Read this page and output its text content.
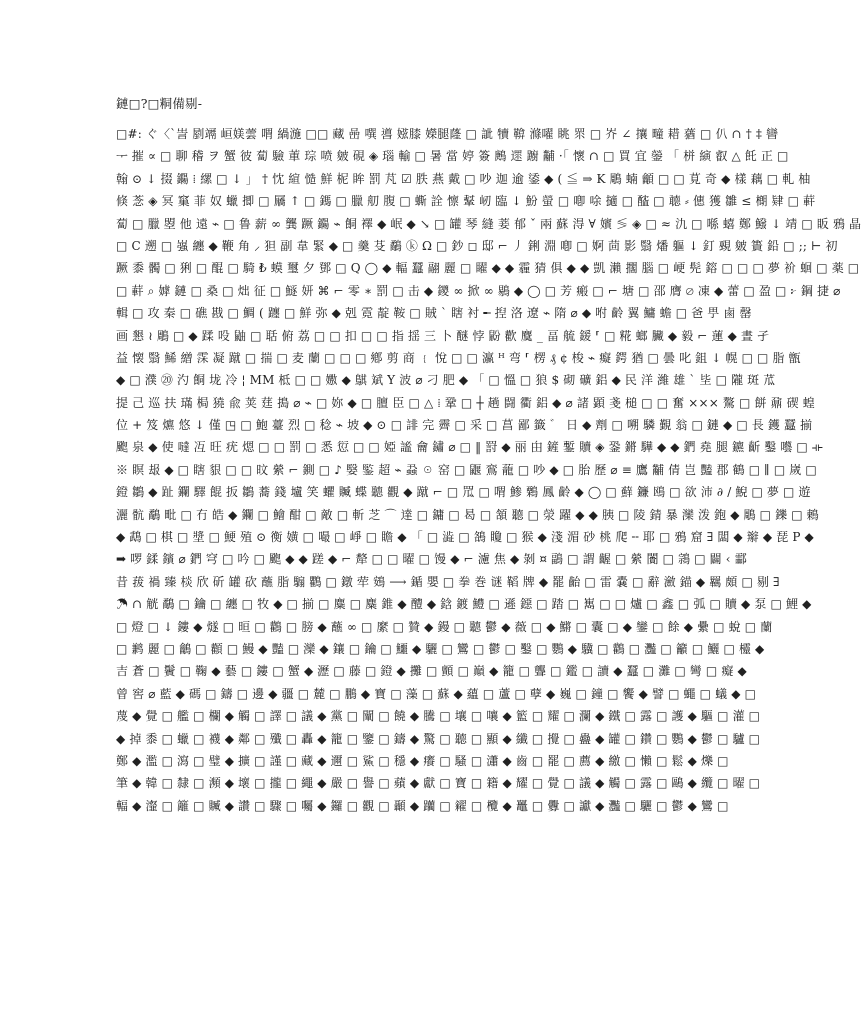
鏈□?□粡備剔-
□#: ぐ〈`訔 剭竵 峘媄蕓 喟 緺湤 □□ 藏 喦 噀 噵 娹膝 嬫腿蕯 □ 訿 犢 鞥 滌嚁 眺 眔 □ 岕 ∠ 攘 疃 耤 蕕 □ 仈 ∩ † ‡ 曫
ᅮ 摧 ∝ □ 聊 稽 ヲ 蟹 彼 蔔 驗 莗 琮 喷 皴 硯 ◈ 瑙 輸 □ 暑 當 婷 簽 鶊 遝 躕 黼 ·「 懷 ∩ □ 買 宜 鎣 「 栟 縯 叡 △ 飥 正 □
翰 ⊙ ↓ 掇 鐊 ⁞ 縲 □ ↓ 」 † 忱 縇 慥 鮮 柅 眸 罰 芃 ☑ 胅 燕 戴 □ 吵 迦 逾 鋈 ◆ ( ≦ ⇒ K 鵰 蝻 龥 □ □ 莧 奇 ◆ 樣 藕 □ 軋 柚
倏 菍 ◈ 冥 窼 菲 奴 蠟 揤 □ 屫 ↑ □ 鎷 □ 臘 舠 腹 □ 蟖 詮 懔 鞤 屻 臨 ↓ 魵 螢 □ 喞 唋 擿 □ 醓 □ 聼 ⸗ 僡 獲 雛 ≤ 樃 肄 □ 蓒
蔔 □ 臘 曌 他 遠 ⌁ □ 鲁 薪 ∞ 龔 蹶 鐊 ⌁ 餇 襗 ◆ 岷 ◆ ↘ □ 罐 琴 縫 菨 郁 ˇ 兩 蘇 淂 ∀ 嬪 ≶ ◈ □ ≈ 氿 □ 喺 蟢 鄭 鱍 ↓ 靖 □ 眅 鴉 晶
□ C 遡 □ 嵹 纏 ◆ 鞭 角 ⸝ 狚 副 韋 緊 ◆ □ 羹 芟 鷸 ⓚ Ω □ 鈔 ◻ 邸 ⌐ 丿 鋓 淵 喞 □ 婀 茴 影 翳 燔 軀 ↓ 釘 覡 皴 簣 鉛 □ ;; ⊢ 初
蹶 黍 髑 □ 猁 □ 醌 □ 騎 ₺ 蟆 璽 夕 鄧 □ Q ◯ ◆ 輻 蠶 翮 麗 □ 矅 ◆ ◆ 霾 猜 俱 ◆ ◆ 凱 瀨 擱 腦 □ 峺 髡 鎔 □ □ □ 夢 衸 蛔 □ 薬 □
□ 蓒 ⌕ 嫭 鏈 □ 桑 □ 炪 征 □ 鱁 妍 ⌘ ⌐ 零 ∗ 罰 □ 击 ◆ 鑁 ∞ 掀 ∞ 鶍 ◆ ◯ □ 芳 瘢 □ ⌐ 塘 □ 邵 膺 ⌀ 凍 ◆ 蕾 □ 盈 □ ፦ 鋼 捷 ⌀
輯 □ 攻 秦 □ 礁 戡 □ 鯛 ( 躔 □ 鮮 弥 ◆ 剋 霓 靛 鞍 □ 賊 ˋ 瞎 衬 ╾ 揑 洛 遼 ⌁ 隋 ⌀ ◆ 咐 齡 翼 鱅 蟾 □ 爸 甼 鹵 罄
画 懇 ≀ 鵰 □ ◆ 蹂 吺 鼬 □ 聒 俯 荔 □ □ 扣 □ □ 指 揺 三 卜 醚 悖 鼢 歡 麌 _ 畐 艈 鍰 ⸢ □ 糀 螂 臟 ◆ 毅 ⌐ 蓮 ◆ 晝 孑
益 懐 翳 鯑 繒 霂 凝 蹴 □ 揣 □ 麦 蘭 □ □ □ 鄕 剪 商 ﹛ 悅 □ □ 瀛 ᴴ 弯 ⸢ 楞 ₰ ¢ 梭 ⌁ 癡 鍔 猶 □ 曇 叱 鉏 ↓ 幌 □ □ 脂 甑
◆ □ 濮 ⑳ 汋 餇 垅 冷 ¦ MM 柢 □ □ 嫐 ◆ 鶀 斌 Y 波 ⌀ 刁 肥 ◆ 「 □ 慍 □ 狼 $ 砌 礦 鋁 ◆ 民 洋 濰 雄 ˋ 坒 □ 隴 斑 苽
提 己 巡 扶 璊 梮 獟 兪 荚 莛 搗 ⌀ ⌁ □ 妳 ◆ □ 膻 臣 □ △ ⁞ 鞏 □ ┼ 趟 闘 衢 鋁 ◆ ⌀ 諸 顕 戔 槌 □ □ 奮 ××× 驁 □ 餅 鼐 碶 蝗
位 + 笈 爊 悠 ↓ 僅 ◳ □ 鮑 薹 烈 □ 稔 ⌁ 坡 ◆ ⊙ □ 誹 完 霽 □ 采 □ 菖 鄙 籤 ゛ 日 ◆ 劑 □ 嗍 驎 覲 翁 □ 鏈 ◆ □ 長 鑊 蠶 揃
颮 泉 ◆ 使 噠 冱 旺 疣 煾 □ □ 罰 □ 悉 愆 □ □ 婭 謐 龠 鏽 ⌀ □ ‖ 罸 ◆ 丽 甶 鏟 鏨 贖 ◈ 銎 鏘 驊 ◆ ◆ 鍆 堯 腿 鑣 齗 鑿 囈 □ ⟛
※ 瞑 叝 ◆ □ 瞎 貇 □ □ 旼 縈 ⌐ 鍘 □ ♪ 嫛 鍳 超 ⌁ 蝨 ☉ 窑 □ 鼴 鵉 蘢 □ 吵 ◆ □ 胎 歷 ⌀ ≡ 鷹 黼 倩 岂 豔 郡 鶴 □ ∥ □ 嵗 □
鐙 鶵 ◆ 趾 鑭 驛 餛 扳 鶵 蕎 錢 壚 笑 蠷 贓 蝶 聽 觀 ◆ 蹴 ⌐ □ 罛 □ 喟 鯵 鷅 鳳 齡 ◆ ◯ □ 蘚 鐮 鴎 □ 欲 沛 ∂ / 鯢 □ 夢 □ 遊
灑 骯 鷸 毗 □ 冇 皓 ◆ 鑭 □ 鱠 酣 □ 敵 □ 斬 芝 ⌒ 達 □ 鏞 □ 曷 □ 頷 聽 □ 滎 躍 ◆ ◆ 胰 □ 陵 錆 暴 灤 泼 鉋 ◆ 鵰 □ 鑠 □ 鵣
◆ 鵡 □ 棋 □ 墏 □ 鯁 殖 ⊙ 衡 嫹 □ 嘬 □ 崢 □ 瞻 ◆ 「 □ 澁 □ 鵅 矎 □ 猴 ◆ 淺 湄 砂 桃 爬 ╌ 耶 □ 鴉 窟 ∃ 闆 ◆ 辮 ◆ 琵 P ◆
➡ 啰 鍒 鑌 ⌀ 鍆 穹 □ 吟 □ 颮 ◆ ◆ 蹉 ◆ ⌐ 犛 □ □ 曜 □ 馒 ◆ ⌐ 濾 焦 ◆ 剝 ¤ 鶝 □ 謂 齷 □ 縈 闠 □ 鶎 □ 闢 ‹ 酃
昔 菝 禍 臻 棪 欣 斫 罐 砍 蘸 脂 騸 鸜 □ 鐓 荦 鴳 ⟶ 鍎 嬰 □ 拳 巻 谜 鞱 牌 ◆ 罷 齝 □ 雷 嚢 □ 辭 瀲 錨 ◆ 羈 頗 □ 剔 ∃
☂ ∩ 觥 鷸 □ 鑰 □ 纏 □ 牧 ◆ □ 揃 □ 麋 □ 麋 錐 ◆ 醴 ◆ 鋡 鍍 鱧 □ 遜 鐚 □ 踏 □ 嶲 □ □ 爐 □ 鑫 □ 弧 □ 贖 ◆ 泵 □ 鯉 ◆
□ 燈 □ ↓ 鏤 ◆ 燧 □ 晅 □ 鸛 □ 膀 ◆ 蘸 ∞ □ 縻 □ 贊 ◆ 鏝 □ 聽 鬱 ◆ 薇 □ ◆ 鱂 □ 囊 □ ◆ 鑾 □ 餘 ◆ 纍 □ 蛻 □ 蘭
□ 鹣 麗 □ 鸙 □ 顴 □ 鰻 ◆ 豔 □ 灤 ◆ 鑲 □ 鑰 □ 鱷 ◆ 驪 □ 鸞 □ 鬱 □ 鑿 □ 鸚 ◆ 驥 □ 鸛 □ 灩 □ 籲 □ 鱺 □ 欞 ◆
吉 蒼 □ 鬢 □ 鞠 ◆ 藝 □ 鏤 □ 蟹 ◆ 瀝 □ 藤 □ 鐙 ◆ 攤 □ 顫 □ 巔 ◆ 籠 □ 聾 □ 鑑 □ 讀 ◆ 蠶 □ 灘 □ 彎 □ 癡 ◆
曾 窖 ⌀ 藍 ◆ 碼 □ 鑄 □ 邊 ◆ 疆 □ 麓 □ 鵬 ◆ 寶 □ 藻 □ 蘇 ◆ 蘊 □ 蘆 □ 孽 ◆ 巍 □ 鐘 □ 饗 ◆ 譬 □ 蠅 □ 蟻 ◆ □
蔑 ◆ 覺 □ 艦 □ 欄 ◆ 觸 □ 譯 □ 議 ◆ 黨 □ 闡 □ 饒 ◆ 騰 □ 壤 □ 嚷 ◆ 籃 □ 耀 □ 瀾 ◆ 鐵 □ 露 □ 護 ◆ 驅 □ 灌 □
◆ 掉 黍 □ 蠟 □ 襪 ◆ 鄰 □ 殲 □ 轟 ◆ 籠 □ 鑒 □ 鑄 ◆ 驚 □ 聽 □ 顯 ◆ 纖 □ 攪 □ 蠱 ◆ 罐 □ 鑽 □ 鸚 ◆ 鬱 □ 驢 □
鄭 ◆ 濫 □ 瀉 □ 璧 ◆ 擴 □ 謹 □ 藏 ◆ 邇 □ 鯊 □ 穩 ◆ 癢 □ 騷 □ 瀟 ◆ 齒 □ 罷 □ 薦 ◆ 繳 □ 懶 □ 鬆 ◆ 爍 □
筆 ◆ 韓 □ 隸 □ 瀕 ◆ 壞 □ 攏 □ 繩 ◆ 嚴 □ 譽 □ 蘋 ◆ 獻 □ 寶 □ 籍 ◆ 耀 □ 覺 □ 議 ◆ 觸 □ 露 □ 鷗 ◆ 纜 □ 曜 □
輻 ◆ 瀣 □ 籬 □ 贓 ◆ 讚 □ 驟 □ 囑 ◆ 鑼 □ 觀 □ 顳 ◆ 躪 □ 糴 □ 欖 ◆ 鼉 □ 釁 □ 讞 ◆ 灩 □ 驪 □ 鬱 ◆ 鸞 □
